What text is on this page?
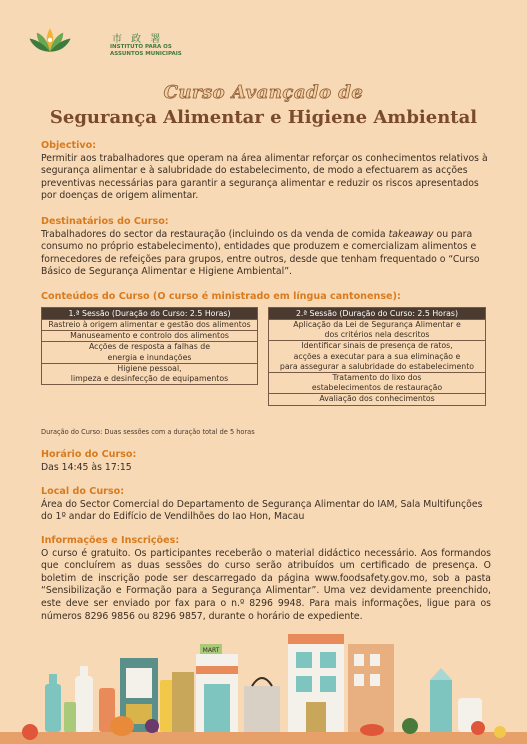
市 政 署
INSTITUTO PARA OS
ASSUNTOS MUNICIPAIS
Curso Avançado de
Segurança Alimentar e Higiene Ambiental
Objectivo:
Permitir aos trabalhadores que operam na área alimentar reforçar os conhecimentos relativos à segurança alimentar e à salubridade do estabelecimento, de modo a efectuarem as acções preventivas necessárias para garantir a segurança alimentar e reduzir os riscos apresentados por doenças de origem alimentar.
Destinatários do Curso:
Trabalhadores do sector da restauração (incluindo os da venda de comida takeaway ou para consumo no próprio estabelecimento), entidades que produzem e comercializam alimentos e fornecedores de refeições para grupos, entre outros, desde que tenham frequentado o “Curso Básico de Segurança Alimentar e Higiene Ambiental”.
Conteúdos do Curso (O curso é ministrado em língua cantonense):
1.ª Sessão (Duração do Curso: 2.5 Horas)
Rastreio à origem alimentar e gestão dos alimentos
Manuseamento e controlo dos alimentos
Acções de resposta a falhas de
energia e inundações
Higiene pessoal,
limpeza e desinfecção de equipamentos
2.ª Sessão (Duração do Curso: 2.5 Horas)
Aplicação da Lei de Segurança Alimentar e
dos critérios nela descritos
Identificar sinais de presença de ratos,
acções a executar para a sua eliminação e
para assegurar a salubridade do estabelecimento
Tratamento do lixo dos
estabelecimentos de restauração
Avaliação dos conhecimentos
Duração do Curso: Duas sessões com a duração total de 5 horas
Horário do Curso:
Das 14:45 às 17:15
Local do Curso:
Área do Sector Comercial do Departamento de Segurança Alimentar do IAM, Sala Multifunções
do 1º andar do Edifício de Vendilhões do Iao Hon, Macau
Informações e Inscrições:
O curso é gratuito. Os participantes receberão o material didáctico necessário. Aos formandos que concluírem as duas sessões do curso serão atribuídos um certificado de presença. O boletim de inscrição pode ser descarregado da página www.foodsafety.gov.mo, sob a pasta “Sensibilização e Formação para a Segurança Alimentar”. Uma vez devidamente preenchido, este deve ser enviado por fax para o n.º 8296 9948. Para mais informações, ligue para os números 8296 9856 ou 8296 9857, durante o horário de expediente.
MART
